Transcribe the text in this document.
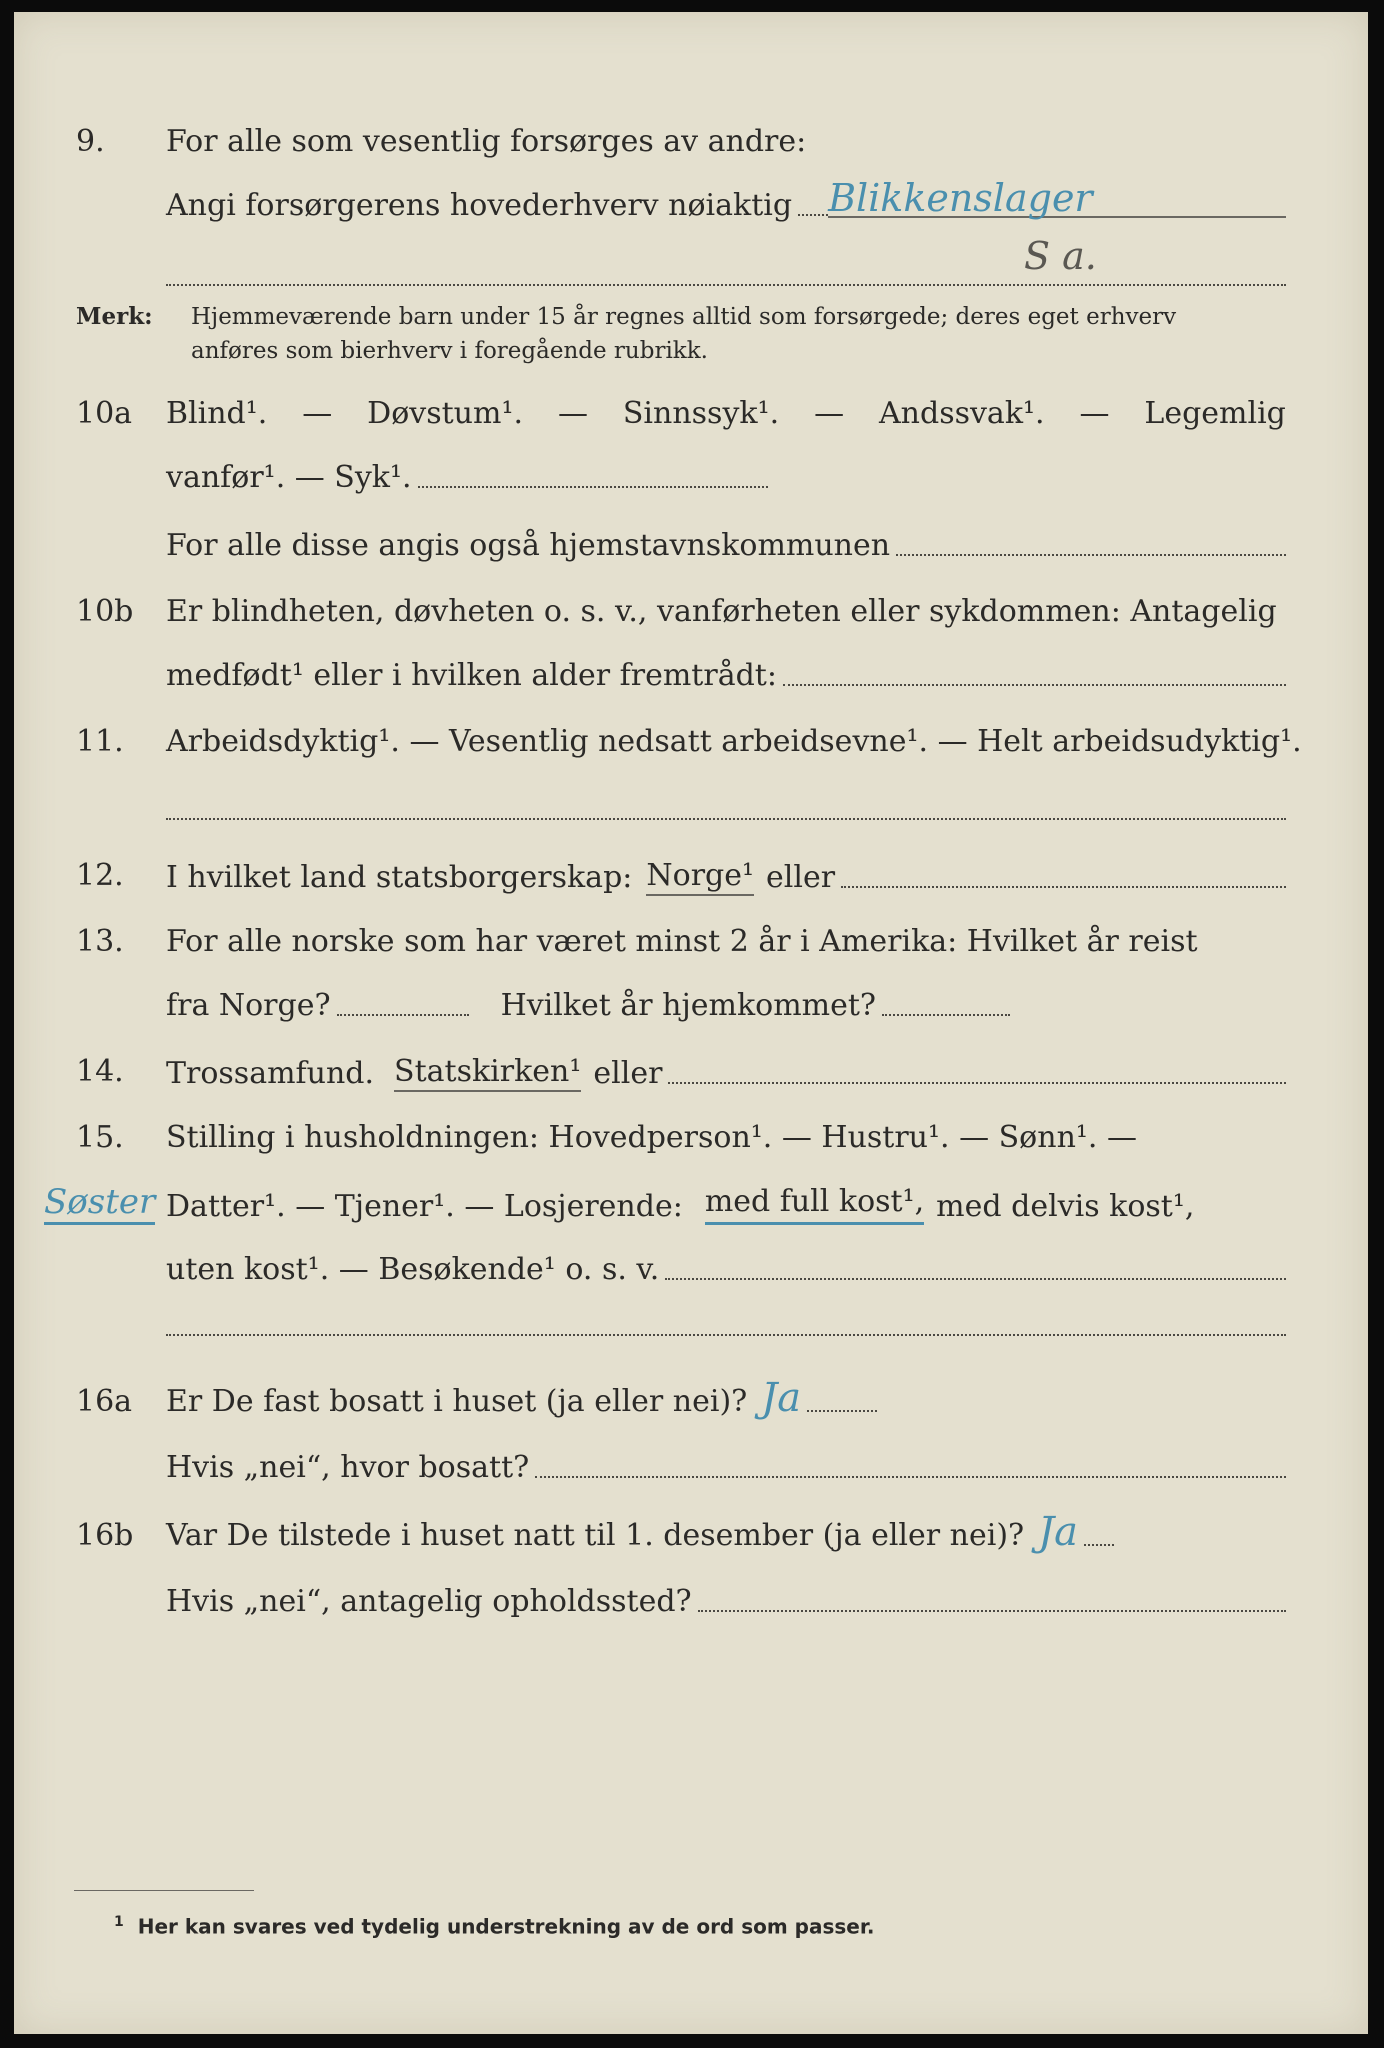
9.	For alle som vesentlig forsørges av andre:
Angi forsørgerens hovederhverv nøiaktig Blikkenslager
S a.
Merk: Hjemmeværende barn under 15 år regnes alltid som forsørgede; deres eget erhverv
anføres som bierhverv i foregående rubrikk.
10a	Blind¹. — Døvstum¹. — Sinnssyk¹. — Andssvak¹. — Legemlig
vanfør¹. — Syk¹.
For alle disse angis også hjemstavnskommunen
10b	Er blindheten, døvheten o. s. v., vanførheten eller sykdommen: Antagelig
medfødt¹ eller i hvilken alder fremtrådt:
11.	Arbeidsdyktig¹. — Vesentlig nedsatt arbeidsevne¹. — Helt arbeidsudyktig¹.
12.	I hvilket land statsborgerskap: Norge¹ eller
13.	For alle norske som har været minst 2 år i Amerika: Hvilket år reist
fra Norge?	Hvilket år hjemkommet?
14.	Trossamfund. Statskirken¹ eller
15.	Stilling i husholdningen: Hovedperson¹. — Hustru¹. — Sønn¹. —
Søster Datter¹. — Tjener¹. — Losjerende: med full kost¹, med delvis kost¹,
uten kost¹. — Besøkende¹ o. s. v.
16a	Er De fast bosatt i huset (ja eller nei)? Ja
Hvis „nei“, hvor bosatt?
16b	Var De tilstede i huset natt til 1. desember (ja eller nei)? Ja
Hvis „nei“, antagelig opholdssted?
$^1$ Her kan svares ved tydelig understrekning av de ord som passer.
